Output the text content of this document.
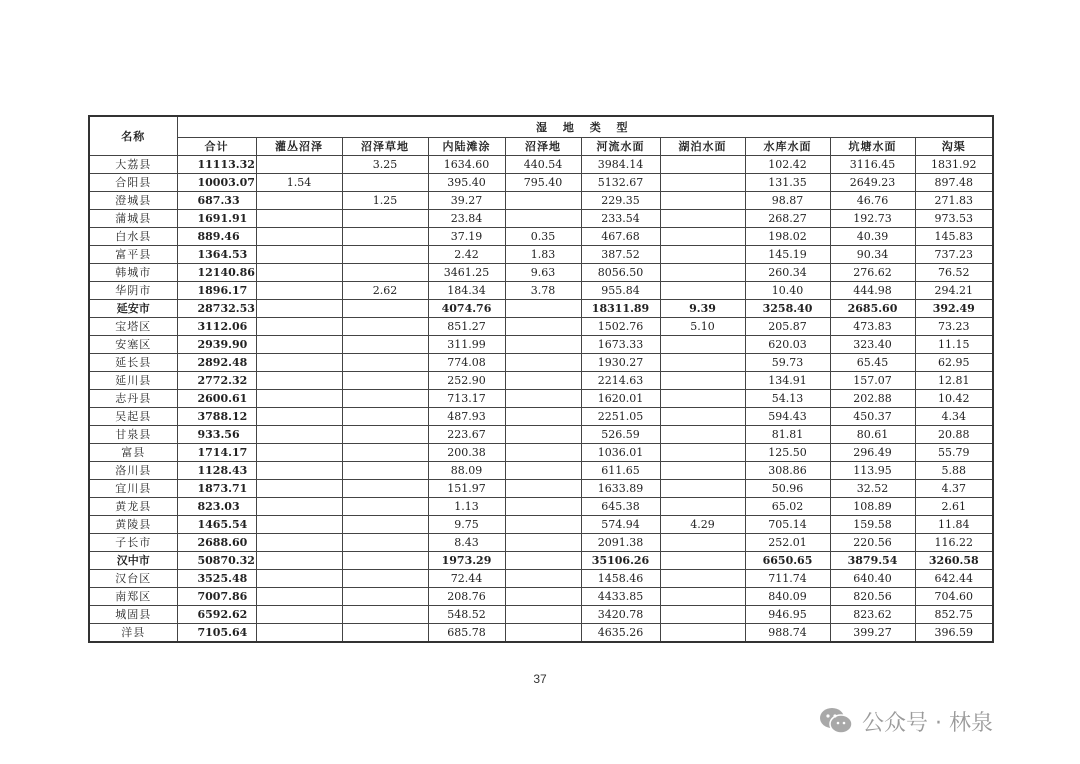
名称	湿 地 类 型									
	合计	灌丛沼泽	沼泽草地	内陆滩涂	沼泽地	河流水面	湖泊水面	水库水面	坑塘水面	沟渠
大荔县	11113.32		3.25	1634.60	440.54	3984.14		102.42	3116.45	1831.92
合阳县	10003.07	1.54		395.40	795.40	5132.67		131.35	2649.23	897.48
澄城县	687.33		1.25	39.27		229.35		98.87	46.76	271.83
蒲城县	1691.91			23.84		233.54		268.27	192.73	973.53
白水县	889.46			37.19	0.35	467.68		198.02	40.39	145.83
富平县	1364.53			2.42	1.83	387.52		145.19	90.34	737.23
韩城市	12140.86			3461.25	9.63	8056.50		260.34	276.62	76.52
华阴市	1896.17		2.62	184.34	3.78	955.84		10.40	444.98	294.21
延安市	28732.53			4074.76		18311.89	9.39	3258.40	2685.60	392.49
宝塔区	3112.06			851.27		1502.76	5.10	205.87	473.83	73.23
安塞区	2939.90			311.99		1673.33		620.03	323.40	11.15
延长县	2892.48			774.08		1930.27		59.73	65.45	62.95
延川县	2772.32			252.90		2214.63		134.91	157.07	12.81
志丹县	2600.61			713.17		1620.01		54.13	202.88	10.42
吴起县	3788.12			487.93		2251.05		594.43	450.37	4.34
甘泉县	933.56			223.67		526.59		81.81	80.61	20.88
富县	1714.17			200.38		1036.01		125.50	296.49	55.79
洛川县	1128.43			88.09		611.65		308.86	113.95	5.88
宜川县	1873.71			151.97		1633.89		50.96	32.52	4.37
黄龙县	823.03			1.13		645.38		65.02	108.89	2.61
黄陵县	1465.54			9.75		574.94	4.29	705.14	159.58	11.84
子长市	2688.60			8.43		2091.38		252.01	220.56	116.22
汉中市	50870.32			1973.29		35106.26		6650.65	3879.54	3260.58
汉台区	3525.48			72.44		1458.46		711.74	640.40	642.44
南郑区	7007.86			208.76		4433.85		840.09	820.56	704.60
城固县	6592.62			548.52		3420.78		946.95	823.62	852.75
洋县	7105.64			685.78		4635.26		988.74	399.27	396.59
37
公众号 · 林泉
